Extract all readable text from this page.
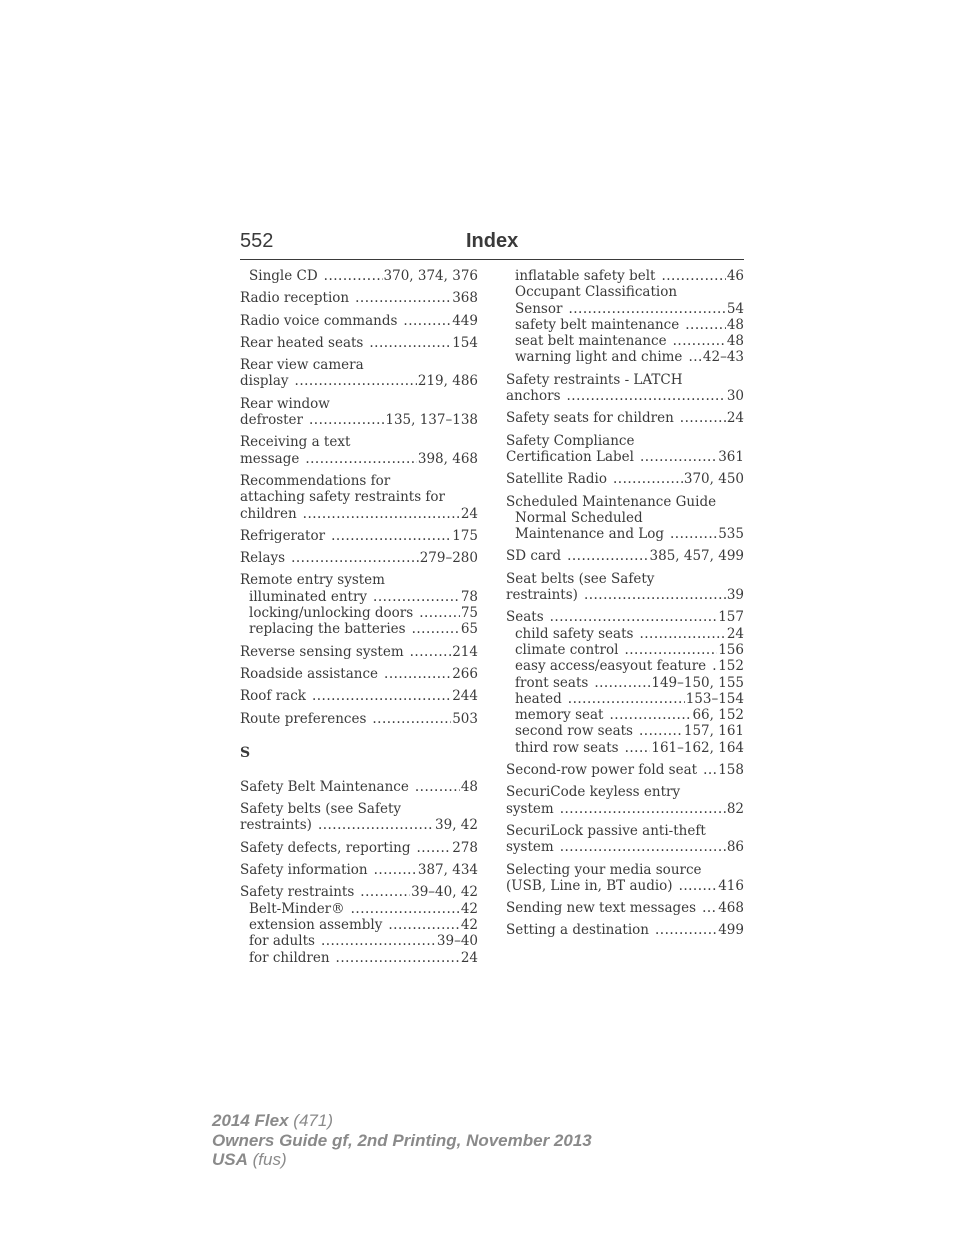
552	Index
Single CD .....	370, 374, 376
Radio reception .....	368
Radio voice commands .....	449
Rear heated seats .....	154
Rear view camera
display .....	219, 486
Rear window
defroster .....	135, 137–138
Receiving a text
message .....	398, 468
Recommendations for
attaching safety restraints for
children .....	24
Refrigerator .....	175
Relays .....	279–280
Remote entry system
illuminated entry .....	78
locking/unlocking doors .....	75
replacing the batteries .....	65
Reverse sensing system .....	214
Roadside assistance .....	266
Roof rack .....	244
Route preferences .....	503
S
Safety Belt Maintenance .....	48
Safety belts (see Safety
restraints) .....	39, 42
Safety defects, reporting .....	278
Safety information .....	387, 434
Safety restraints .....	39–40, 42
Belt-Minder® .....	42
extension assembly .....	42
for adults .....	39–40
for children .....	24
inflatable safety belt .....	46
Occupant Classification
Sensor .....	54
safety belt maintenance .....	48
seat belt maintenance .....	48
warning light and chime ..... 42–43
Safety restraints - LATCH
anchors .....	30
Safety seats for children .....	24
Safety Compliance
Certification Label .....	361
Satellite Radio .....	370, 450
Scheduled Maintenance Guide
Normal Scheduled
Maintenance and Log .....	535
SD card .....	385, 457, 499
Seat belts (see Safety
restraints) .....	39
Seats .....	157
child safety seats .....	24
climate control .....	156
easy access/easyout feature ..... 152
front seats .....	149–150, 155
heated .....	153–154
memory seat .....	66, 152
second row seats .....	157, 161
third row seats ..... 161–162, 164
Second-row power fold seat ..... 158
SecuriCode keyless entry
system .....	82
SecuriLock passive anti-theft
system .....	86
Selecting your media source
(USB, Line in, BT audio) .....	416
Sending new text messages ..... 468
Setting a destination .....	499
2014 Flex (471)
Owners Guide gf, 2nd Printing, November 2013
USA (fus)
